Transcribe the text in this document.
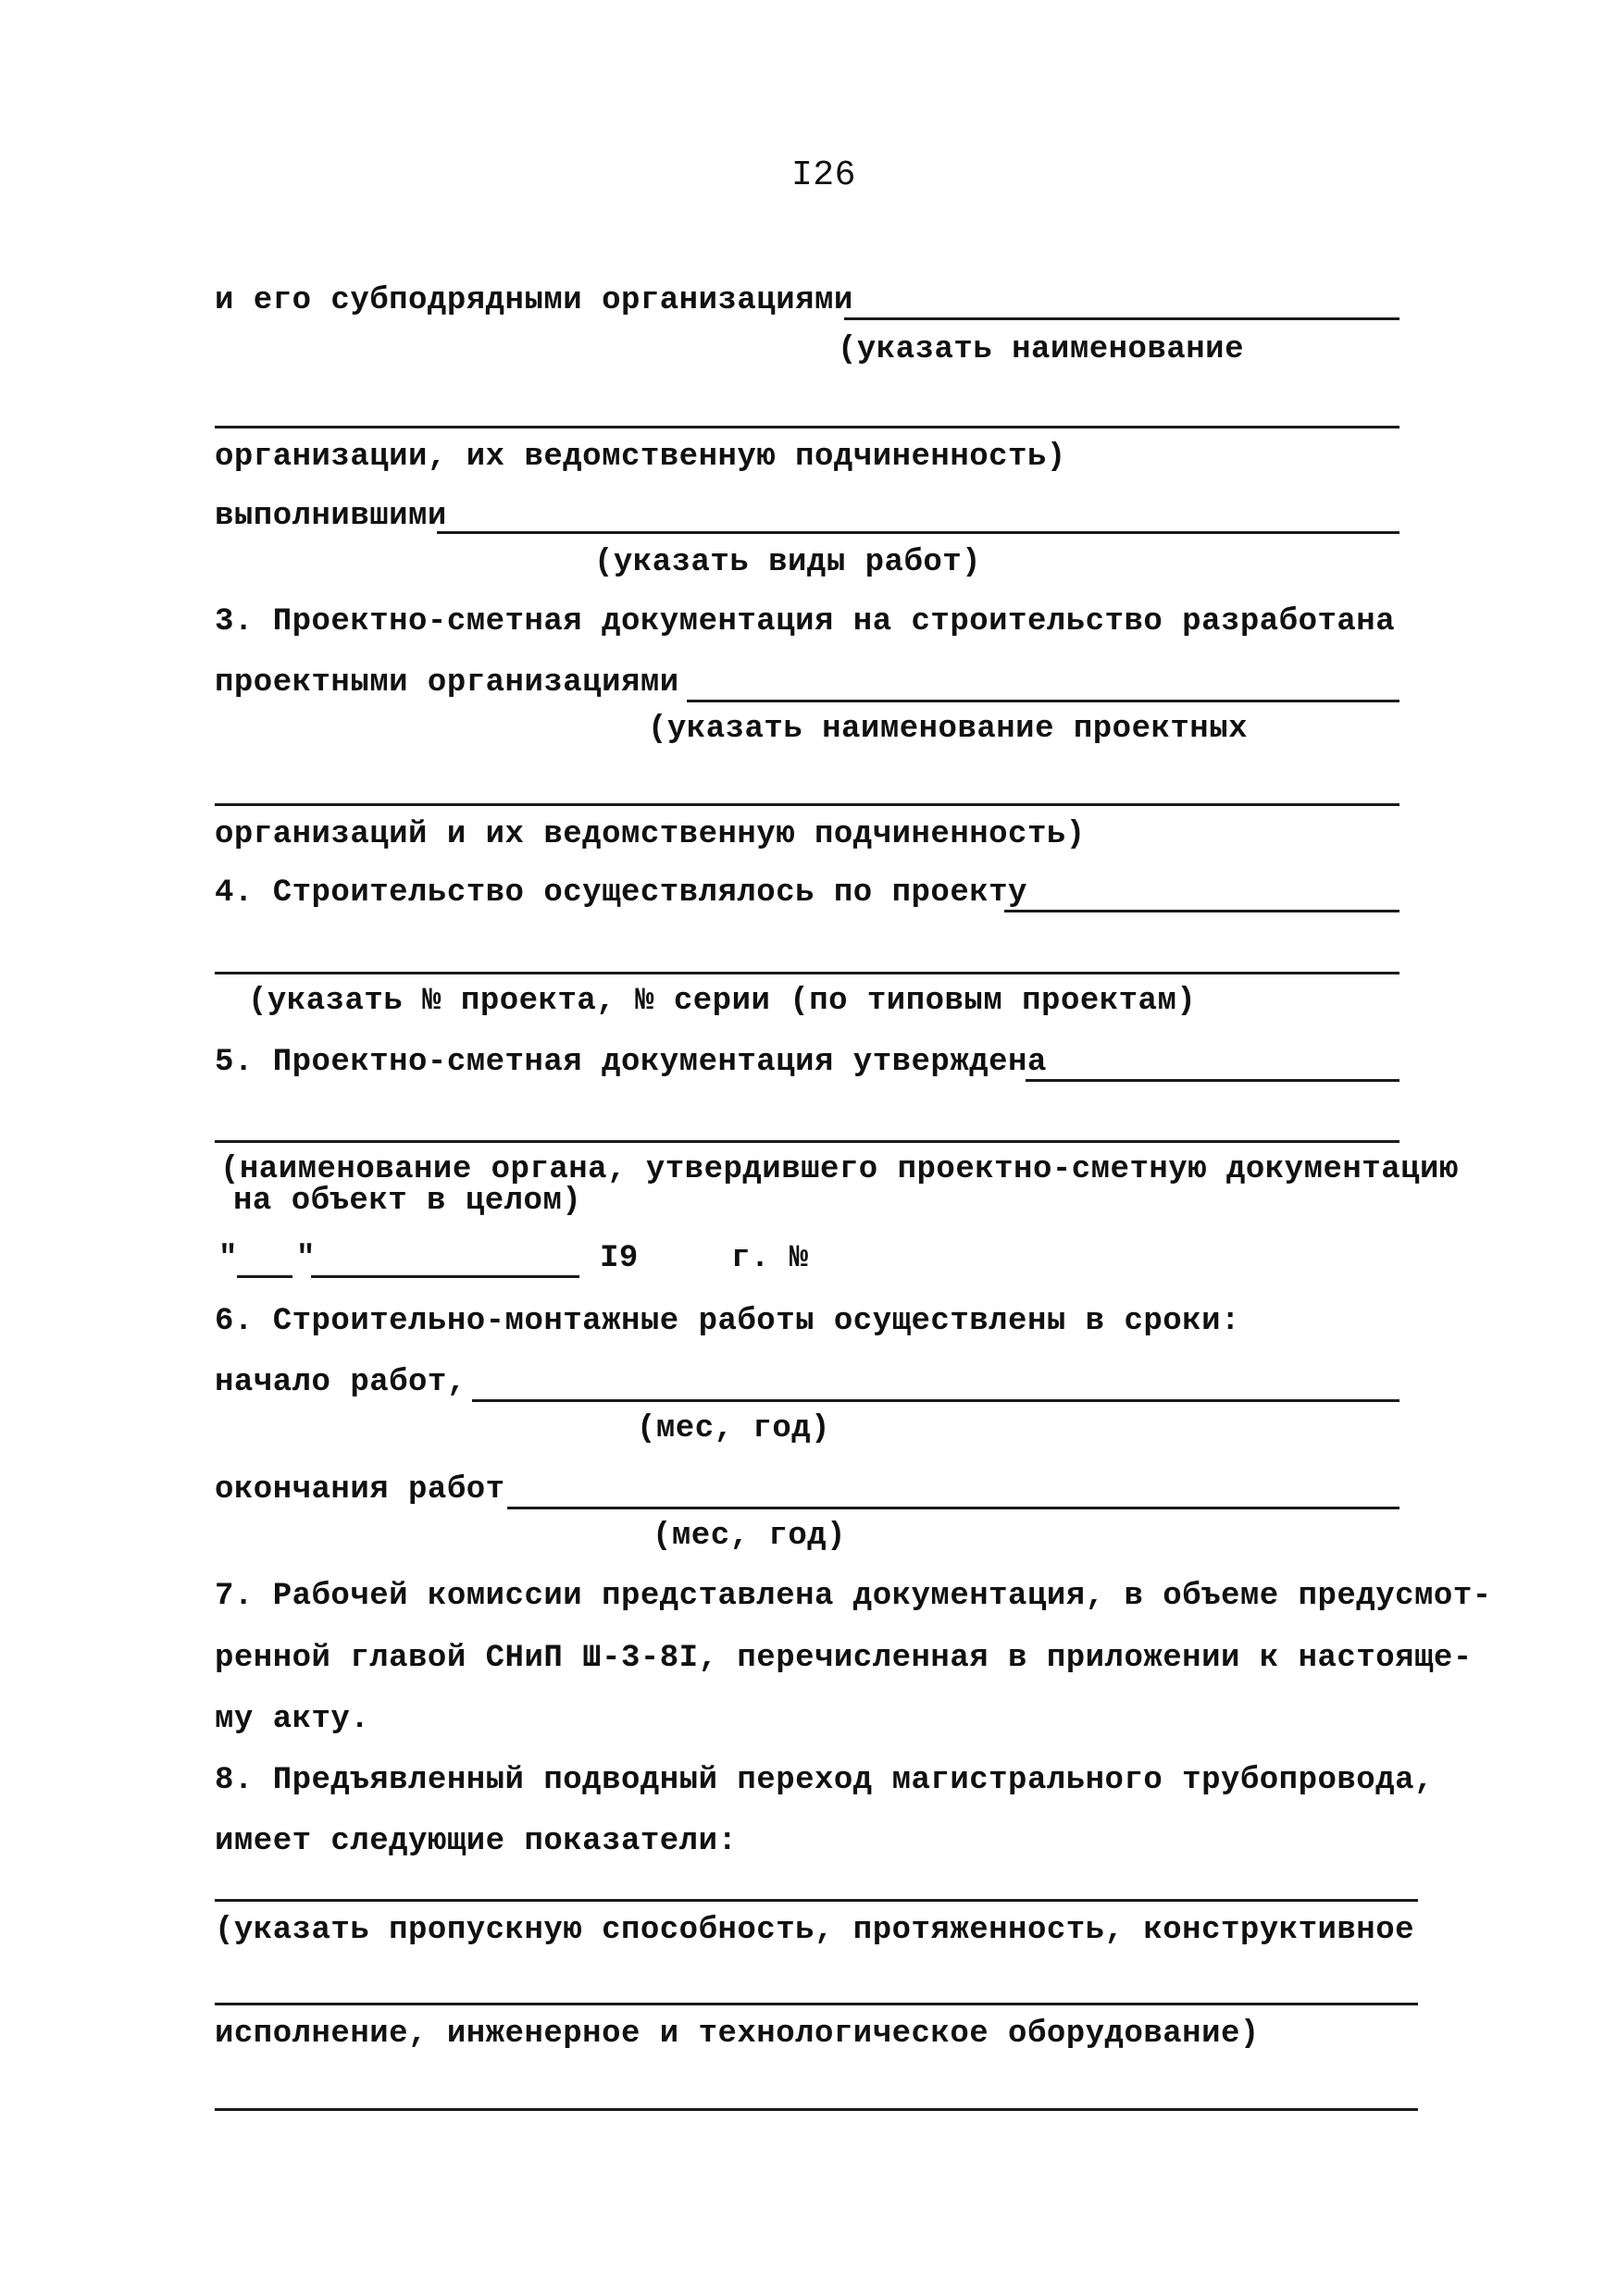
I26
и его субподрядными организациями
(указать наименование
организации, их ведомственную подчиненность)
выполнившими
(указать виды работ)
3. Проектно-сметная документация на строительство разработана
проектными организациями
(указать наименование проектных
организаций и их ведомственную подчиненность)
4. Строительство осуществлялось по проекту
(указать № проекта, № серии (по типовым проектам)
5. Проектно-сметная документация утверждена
(наименование органа, утвердившего проектно-сметную документацию
на объект в целом)
" "	I9	г. №
6. Строительно-монтажные работы осуществлены в сроки:
начало работ,
(мес, год)
окончания работ
(мес, год)
7. Рабочей комиссии представлена документация, в объеме предусмот-
ренной главой СНиП Ш-3-8I, перечисленная в приложении к настояще-
му акту.
8. Предъявленный подводный переход магистрального трубопровода,
имеет следующие показатели:
(указать пропускную способность, протяженность, конструктивное
исполнение, инженерное и технологическое оборудование)
